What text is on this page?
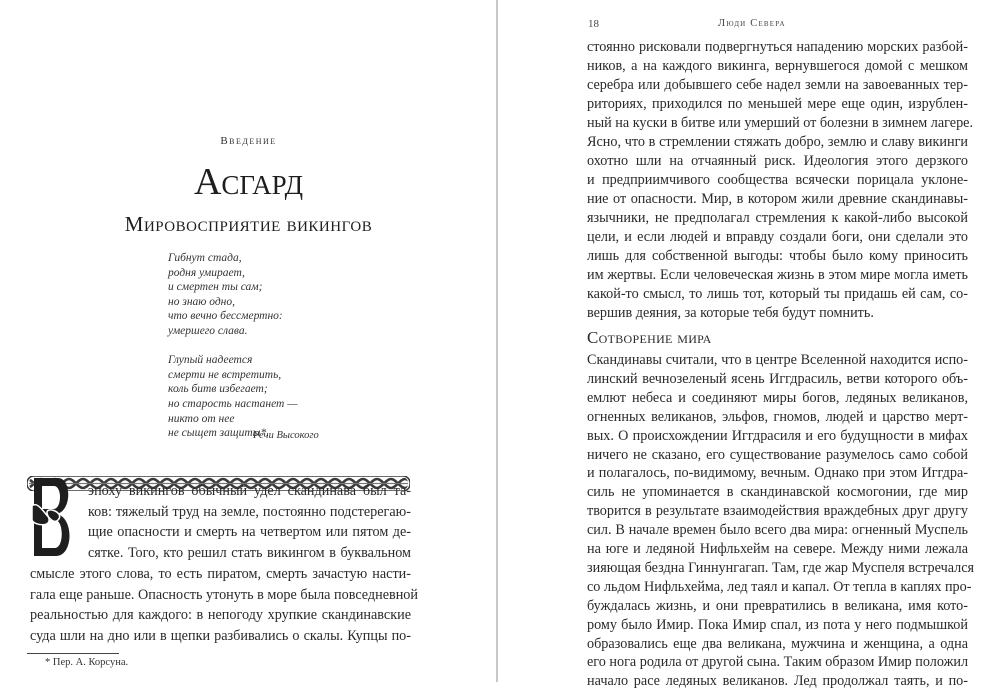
Введение
Асгард
Мировосприятие викингов
Гибнут стада,
родня умирает,
и смертен ты сам;
но знаю одно,
что вечно бессмертно:
умершего слава.
Глупый надеется
смерти не встретить,
коль битв избегает;
но старость настанет —
никто от нее
не сыщет защиты*.
Речи Высокого
эпоху викингов обычный удел скандинава был та-
ков: тяжелый труд на земле, постоянно подстерегаю-
щие опасности и смерть на четвертом или пятом де-
сятке. Того, кто решил стать викингом в буквальном
смысле этого слова, то есть пиратом, смерть зачастую насти-
гала еще раньше. Опасность утонуть в море была повседневной
реальностью для каждого: в непогоду хрупкие скандинавские
суда шли на дно или в щепки разбивались о скалы. Купцы по-
* Пер. А. Корсуна.
18	Люди Севера
стоянно рисковали подвергнуться нападению морских разбой-
ников, а на каждого викинга, вернувшегося домой с мешком
серебра или добывшего себе надел земли на завоеванных тер-
риториях, приходился по меньшей мере еще один, изрублен-
ный на куски в битве или умерший от болезни в зимнем лагере.
Ясно, что в стремлении стяжать добро, землю и славу викинги
охотно шли на отчаянный риск. Идеология этого дерзкого
и предприимчивого сообщества всячески порицала уклоне-
ние от опасности. Мир, в котором жили древние скандинавы-
язычники, не предполагал стремления к какой-либо высокой
цели, и если людей и вправду создали боги, они сделали это
лишь для собственной выгоды: чтобы было кому приносить
им жертвы. Если человеческая жизнь в этом мире могла иметь
какой-то смысл, то лишь тот, который ты придашь ей сам, со-
вершив деяния, за которые тебя будут помнить.
Сотворение мира
Скандинавы считали, что в центре Вселенной находится испо-
линский вечнозеленый ясень Иггдрасиль, ветви которого объ-
емлют небеса и соединяют миры богов, ледяных великанов,
огненных великанов, эльфов, гномов, людей и царство мерт-
вых. О происхождении Иггдрасиля и его будущности в мифах
ничего не сказано, его существование разумелось само собой
и полагалось, по-видимому, вечным. Однако при этом Иггдра-
силь не упоминается в скандинавской космогонии, где мир
творится в результате взаимодействия враждебных друг другу
сил. В начале времен было всего два мира: огненный Муспель
на юге и ледяной Нифльхейм на севере. Между ними лежала
зияющая бездна Гиннунгагап. Там, где жар Муспеля встречался
со льдом Нифльхейма, лед таял и капал. От тепла в каплях про-
буждалась жизнь, и они превратились в великана, имя кото-
рому было Имир. Пока Имир спал, из пота у него подмышкой
образовались еще два великана, мужчина и женщина, а одна
его нога родила от другой сына. Таким образом Имир положил
начало расе ледяных великанов. Лед продолжал таять, и по-
